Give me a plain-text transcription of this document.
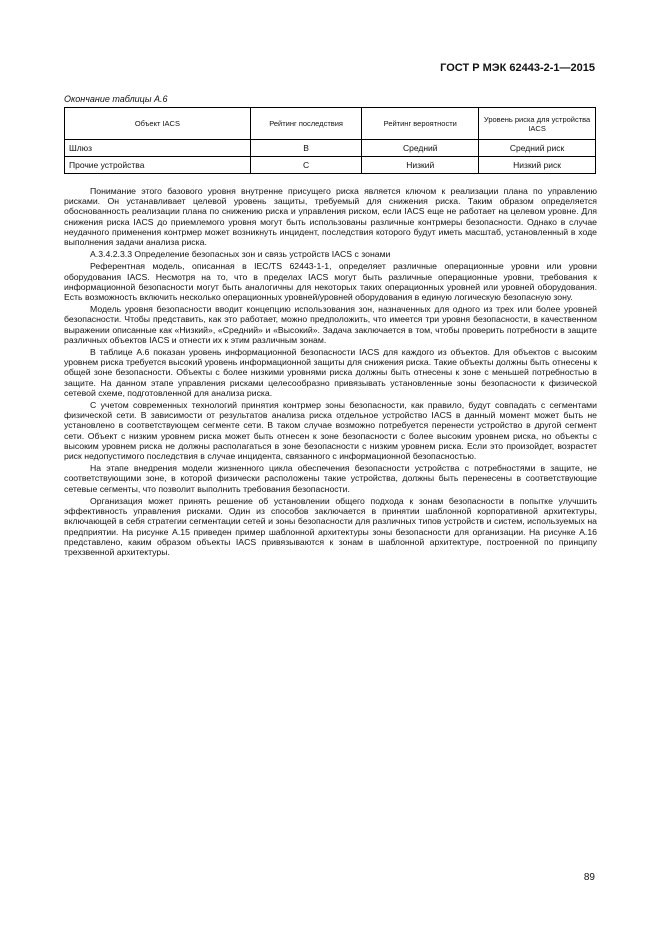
ГОСТ Р МЭК 62443-2-1—2015
Окончание таблицы А.6
Объект IACS	Рейтинг последствия	Рейтинг вероятности	Уровень риска для устройства IACS
Шлюз	B	Средний	Средний риск
Прочие устройства	C	Низкий	Низкий риск

Понимание этого базового уровня внутренне присущего риска является ключом к реализации плана по управлению рисками. Он устанавливает целевой уровень защиты, требуемый для снижения риска. Таким образом определяется обоснованность реализации плана по снижению риска и управления риском, если IACS еще не работает на целевом уровне. Для снижения риска IACS до приемлемого уровня могут быть использованы различные контрмеры безопасности. Однако в случае неудачного применения контрмер может возникнуть инцидент, последствия которого будут иметь масштаб, установленный в ходе выполнения задачи анализа риска.

А.3.4.2.3.3 Определение безопасных зон и связь устройств IACS с зонами

Референтная модель, описанная в IEC/TS 62443-1-1, определяет различные операционные уровни или уровни оборудования IACS. Несмотря на то, что в пределах IACS могут быть различные операционные уровни, требования к информационной безопасности могут быть аналогичны для некоторых таких операционных уровней или уровней оборудования. Есть возможность включить несколько операционных уровней/уровней оборудования в единую логическую безопасную зону.

Модель уровня безопасности вводит концепцию использования зон, назначенных для одного из трех или более уровней безопасности. Чтобы представить, как это работает, можно предположить, что имеется три уровня безопасности, в качественном выражении описанные как «Низкий», «Средний» и «Высокий». Задача заключается в том, чтобы проверить потребности в защите различных объектов IACS и отнести их к этим различным зонам.

В таблице А.6 показан уровень информационной безопасности IACS для каждого из объектов. Для объектов с высоким уровнем риска требуется высокий уровень информационной защиты для снижения риска. Такие объекты должны быть отнесены к общей зоне безопасности. Объекты с более низкими уровнями риска должны быть отнесены к зоне с меньшей потребностью в защите. На данном этапе управления рисками целесообразно привязывать установленные зоны безопасности к физической сетевой схеме, подготовленной для анализа риска.

С учетом современных технологий принятия контрмер зоны безопасности, как правило, будут совпадать с сегментами физической сети. В зависимости от результатов анализа риска отдельное устройство IACS в данный момент может быть не установлено в соответствующем сегменте сети. В таком случае возможно потребуется перенести устройство в другой сегмент сети. Объект с низким уровнем риска может быть отнесен к зоне безопасности с более высоким уровнем риска, но объекты с высоким уровнем риска не должны располагаться в зоне безопасности с низким уровнем риска. Если это произойдет, возрастет риск недопустимого последствия в случае инцидента, связанного с информационной безопасностью.

На этапе внедрения модели жизненного цикла обеспечения безопасности устройства с потребностями в защите, не соответствующими зоне, в которой физически расположены такие устройства, должны быть перенесены в соответствующие сетевые сегменты, что позволит выполнить требования безопасности.

Организация может принять решение об установлении общего подхода к зонам безопасности в попытке улучшить эффективность управления рисками. Один из способов заключается в принятии шаблонной корпоративной архитектуры, включающей в себя стратегии сегментации сетей и зоны безопасности для различных типов устройств и систем, используемых на предприятии. На рисунке А.15 приведен пример шаблонной архитектуры зоны безопасности для организации. На рисунке А.16 представлено, каким образом объекты IACS привязываются к зонам в шаблонной архитектуре, построенной по принципу трехзвенной архитектуры.

89
